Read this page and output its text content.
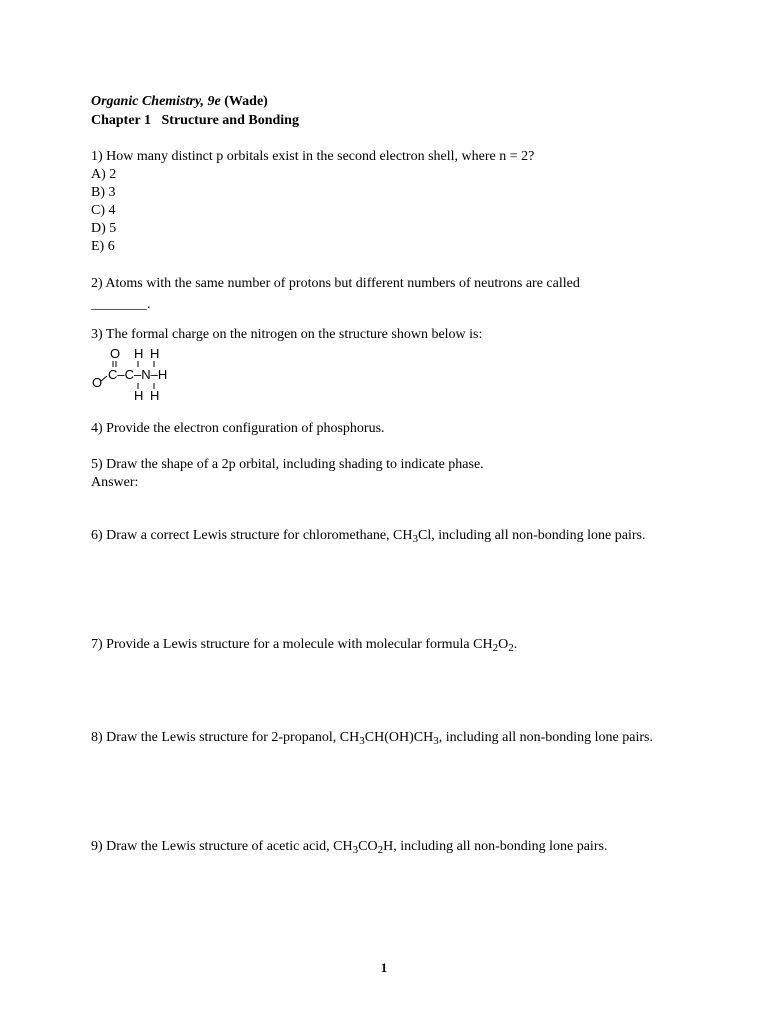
Organic Chemistry, 9e (Wade)
Chapter 1   Structure and Bonding
1) How many distinct p orbitals exist in the second electron shell, where n = 2?
A) 2
B) 3
C) 4
D) 5
E) 6
2) Atoms with the same number of protons but different numbers of neutrons are called
________.
3) The formal charge on the nitrogen on the structure shown below is:
O H H
O
C–C–N–H
H H
4) Provide the electron configuration of phosphorus.
5) Draw the shape of a 2p orbital, including shading to indicate phase.
Answer:
6) Draw a correct Lewis structure for chloromethane, $CH_3Cl$, including all non-bonding lone pairs.
7) Provide a Lewis structure for a molecule with molecular formula $CH_2O_2$.
8) Draw the Lewis structure for 2-propanol, $CH_3CH(OH)CH_3$, including all non-bonding lone pairs.
9) Draw the Lewis structure of acetic acid, $CH_3CO_2H$, including all non-bonding lone pairs.
1
